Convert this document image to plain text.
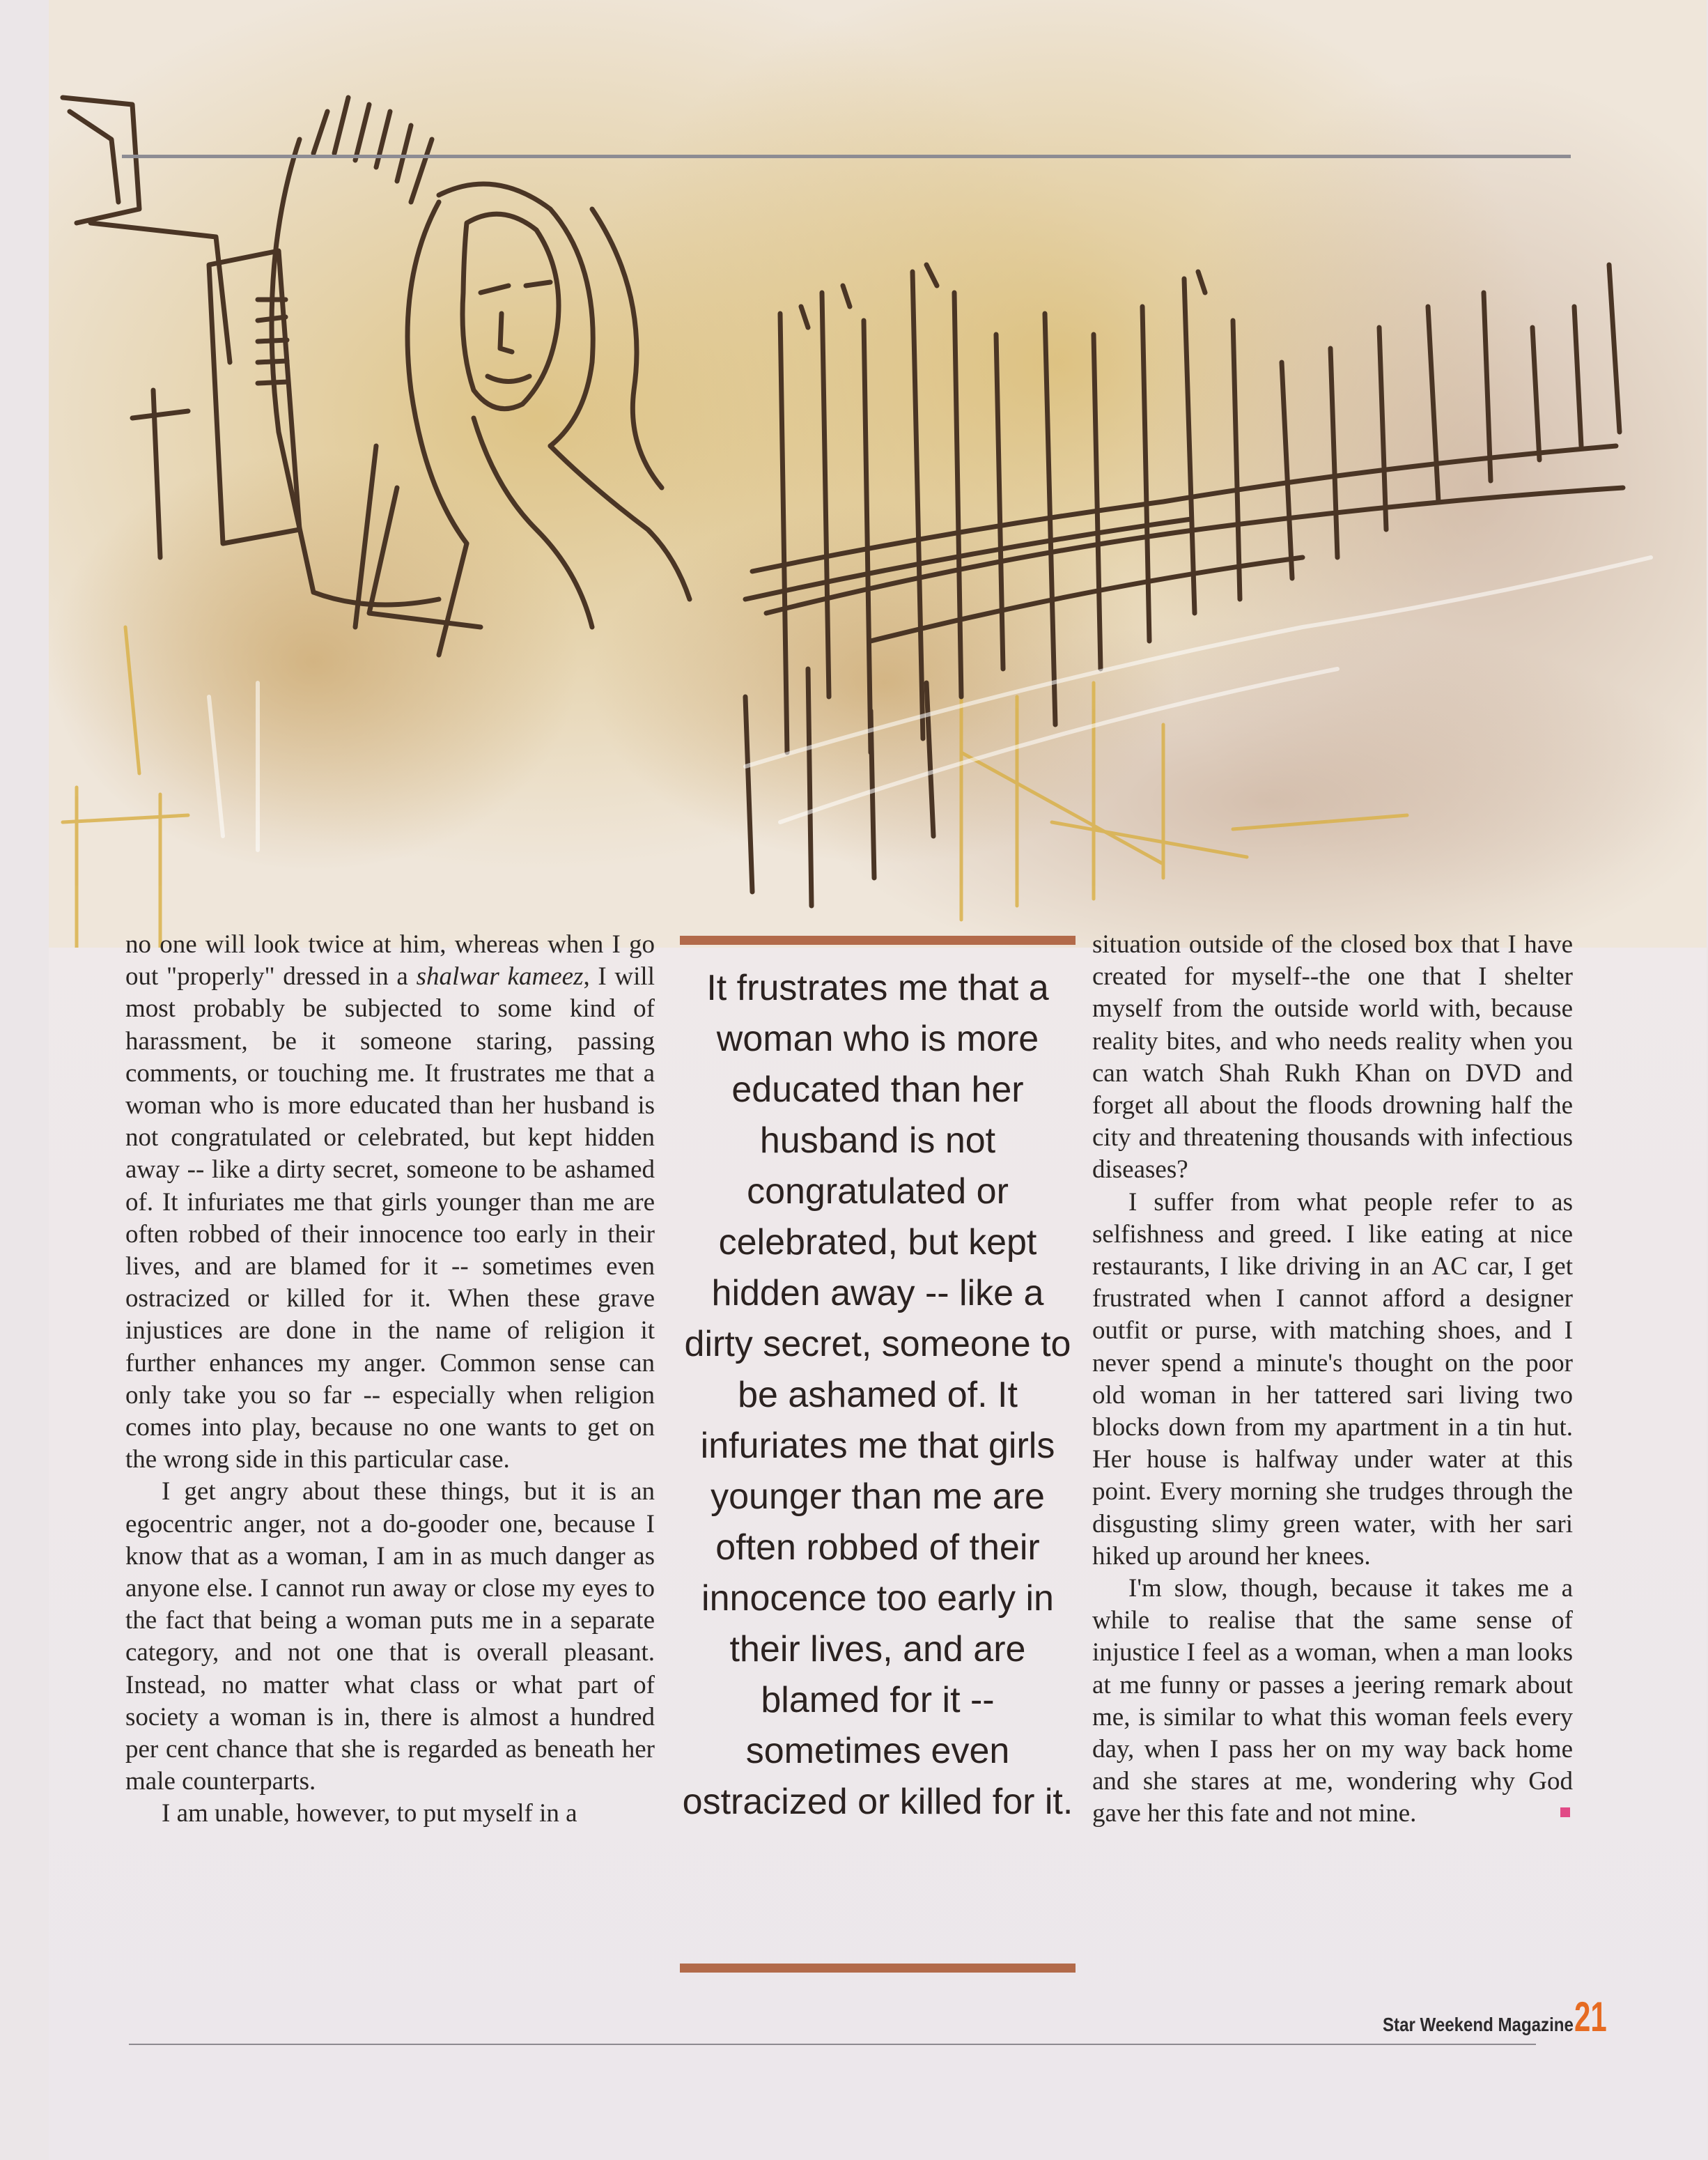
no one will look twice at him, whereas when I go out "properly" dressed in a shalwar kameez, I will most probably be subjected to some kind of harassment, be it someone staring, passing comments, or touching me. It frustrates me that a woman who is more educated than her husband is not congratulated or celebrated, but kept hidden away -- like a dirty secret, someone to be ashamed of. It infuriates me that girls younger than me are often robbed of their innocence too early in their lives, and are blamed for it -- sometimes even ostracized or killed for it. When these grave injustices are done in the name of religion it further enhances my anger. Common sense can only take you so far -- especially when religion comes into play, because no one wants to get on the wrong side in this particular case.

I get angry about these things, but it is an egocentric anger, not a do-gooder one, because I know that as a woman, I am in as much danger as anyone else. I cannot run away or close my eyes to the fact that being a woman puts me in a separate category, and not one that is overall pleasant. Instead, no matter what class or what part of society a woman is in, there is almost a hundred per cent chance that she is regarded as beneath her male counterparts.

I am unable, however, to put myself in a

It frustrates me that a woman who is more educated than her husband is not congratulated or celebrated, but kept hidden away -- like a dirty secret, someone to be ashamed of. It infuriates me that girls younger than me are often robbed of their innocence too early in their lives, and are blamed for it -- sometimes even ostracized or killed for it.

situation outside of the closed box that I have created for myself--the one that I shelter myself from the outside world with, because reality bites, and who needs reality when you can watch Shah Rukh Khan on DVD and forget all about the floods drowning half the city and threatening thousands with infectious diseases?

I suffer from what people refer to as selfishness and greed. I like eating at nice restaurants, I like driving in an AC car, I get frustrated when I cannot afford a designer outfit or purse, with matching shoes, and I never spend a minute's thought on the poor old woman in her tattered sari living two blocks down from my apartment in a tin hut. Her house is halfway under water at this point. Every morning she trudges through the disgusting slimy green water, with her sari hiked up around her knees.

I'm slow, though, because it takes me a while to realise that the same sense of injustice I feel as a woman, when a man looks at me funny or passes a jeering remark about me, is similar to what this woman feels every day, when I pass her on my way back home and she stares at me, wondering why God gave her this fate and not mine.

Star Weekend Magazine 21
